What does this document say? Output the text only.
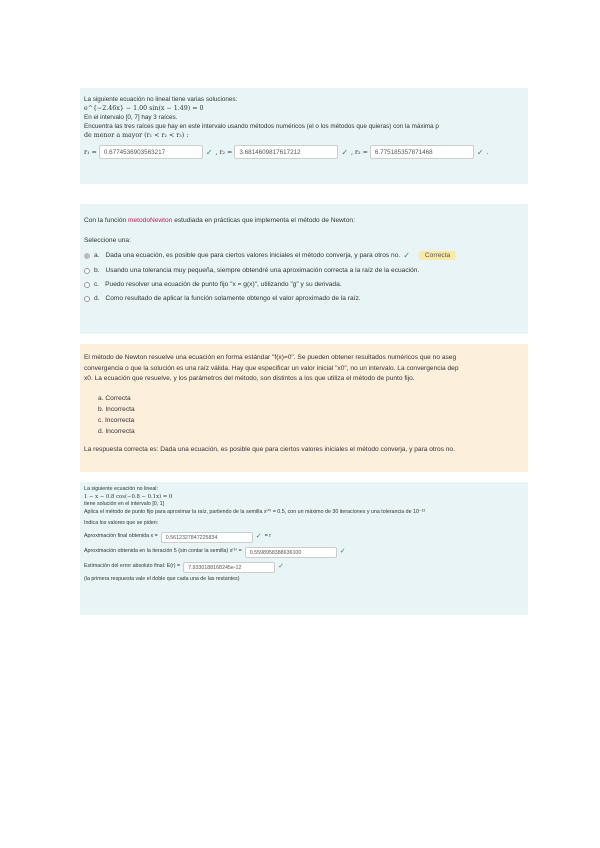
La siguiente ecuación no lineal tiene varias soluciones:
e^{−2.46x} − 1.00 sin(x − 1.49) = 0
En el intervalo [0, 7] hay 3 raíces.
Encuentra las tres raíces que hay en este intervalo usando métodos numéricos (el o los métodos que quieras) con la máxima p
de menor a mayor (r₁ < r₂ < r₃) :
r₁ =	0.6774536903563217	✓ , r₂ =	3.6814609817617212	✓ , r₃ =	6.775185357871468	✓ .
Con la función metodoNewton estudiada en prácticas que implementa el método de Newton:
Seleccione una:
a. Dada una ecuación, es posible que para ciertos valores iniciales el método converja, y para otros no. ✓	Correcta
b. Usando una tolerancia muy pequeña, siempre obtendré una aproximación correcta a la raíz de la ecuación.
c. Puedo resolver una ecuación de punto fijo "x = g(x)", utilizando "g" y su derivada.
d. Como resultado de aplicar la función solamente obtengo el valor aproximado de la raíz.
El método de Newton resuelve una ecuación en forma estándar "f(x)=0". Se pueden obtener resultados numéricos que no aseg
convergencia o que la solución es una raíz válida. Hay que especificar un valor inicial "x0", no un intervalo. La convergencia dep
x0. La ecuación que resuelve, y los parámetros del método, son distintos a los que utiliza el método de punto fijo.
a. Correcta
b. Incorrecta
c. Incorrecta
d. Incorrecta
La respuesta correcta es: Dada una ecuación, es posible que para ciertos valores iniciales el método converja, y para otros no.
La siguiente ecuación no lineal:
1 − x − 0.8 cos(−0.8 − 0.1x) = 0
tiene solución en el intervalo [0, 1]
Aplica el método de punto fijo para aproximar la raíz, partiendo de la semilla x⁽⁰⁾ = 0.5, con un máximo de 30 iteraciones y una tolerancia de 10⁻¹²
Indica los valores que se piden:
Aproximación final obtenida x =	0.5612327847225834	✓ = r
Aproximación obtenida en la iteración 5 (sin contar la semilla) x⁽⁵⁾ =	0.5598958388636100	✓
Estimación del error absoluto final: E(r) =	7.9330188168245e-12	✓
(la primera respuesta vale el doble que cada una de las restantes)
